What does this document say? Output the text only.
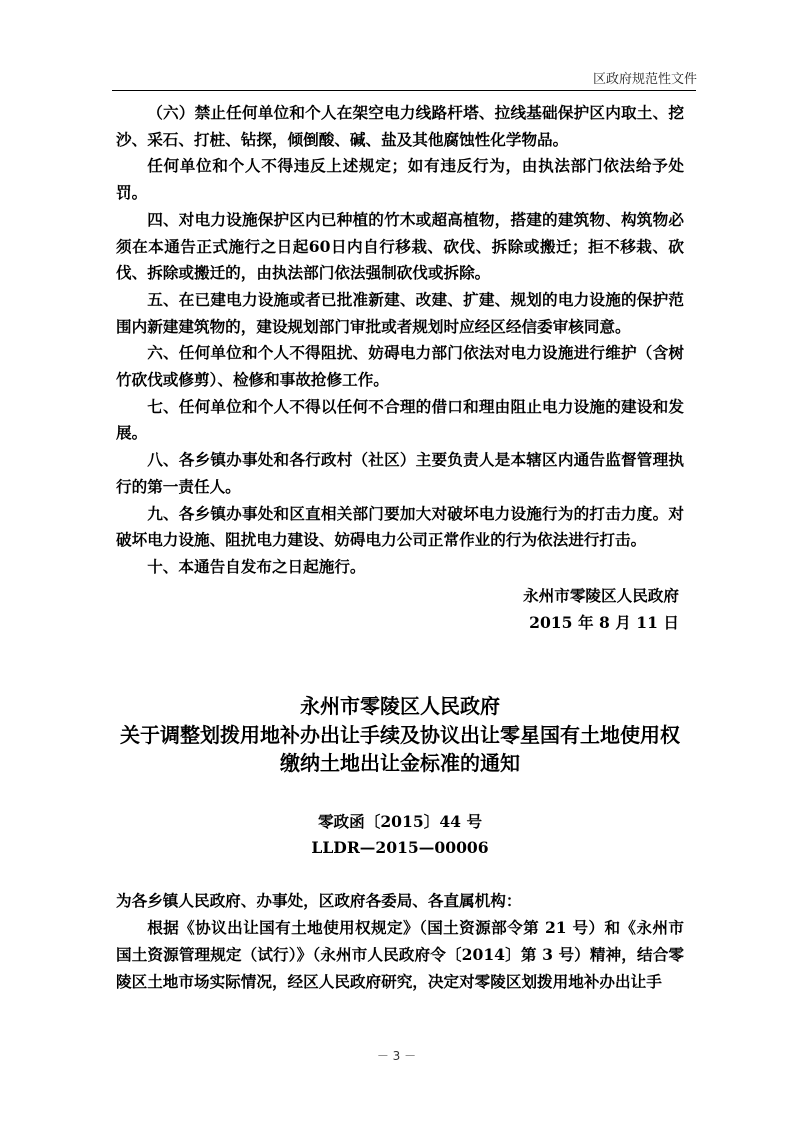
区政府规范性文件

（六）禁止任何单位和个人在架空电力线路杆塔、拉线基础保护区内取土、挖沙、采石、打桩、钻探，倾倒酸、碱、盐及其他腐蚀性化学物品。

任何单位和个人不得违反上述规定；如有违反行为，由执法部门依法给予处罚。

四、对电力设施保护区内已种植的竹木或超高植物，搭建的建筑物、构筑物必须在本通告正式施行之日起60日内自行移栽、砍伐、拆除或搬迁；拒不移栽、砍伐、拆除或搬迁的，由执法部门依法强制砍伐或拆除。

五、在已建电力设施或者已批准新建、改建、扩建、规划的电力设施的保护范围内新建建筑物的，建设规划部门审批或者规划时应经区经信委审核同意。

六、任何单位和个人不得阻扰、妨碍电力部门依法对电力设施进行维护（含树竹砍伐或修剪）、检修和事故抢修工作。

七、任何单位和个人不得以任何不合理的借口和理由阻止电力设施的建设和发展。

八、各乡镇办事处和各行政村（社区）主要负责人是本辖区内通告监督管理执行的第一责任人。

九、各乡镇办事处和区直相关部门要加大对破坏电力设施行为的打击力度。对破坏电力设施、阻扰电力建设、妨碍电力公司正常作业的行为依法进行打击。

十、本通告自发布之日起施行。

永州市零陵区人民政府
2015 年 8 月 11 日
永州市零陵区人民政府
关于调整划拨用地补办出让手续及协议出让零星国有土地使用权
缴纳土地出让金标准的通知
零政函〔2015〕44 号
LLDR—2015—00006

为各乡镇人民政府、办事处，区政府各委局、各直属机构：

根据《协议出让国有土地使用权规定》（国土资源部令第 21 号）和《永州市国土资源管理规定（试行）》（永州市人民政府令〔2014〕第 3 号）精神，结合零陵区土地市场实际情况，经区人民政府研究，决定对零陵区划拨用地补办出让手

－ 3 －
